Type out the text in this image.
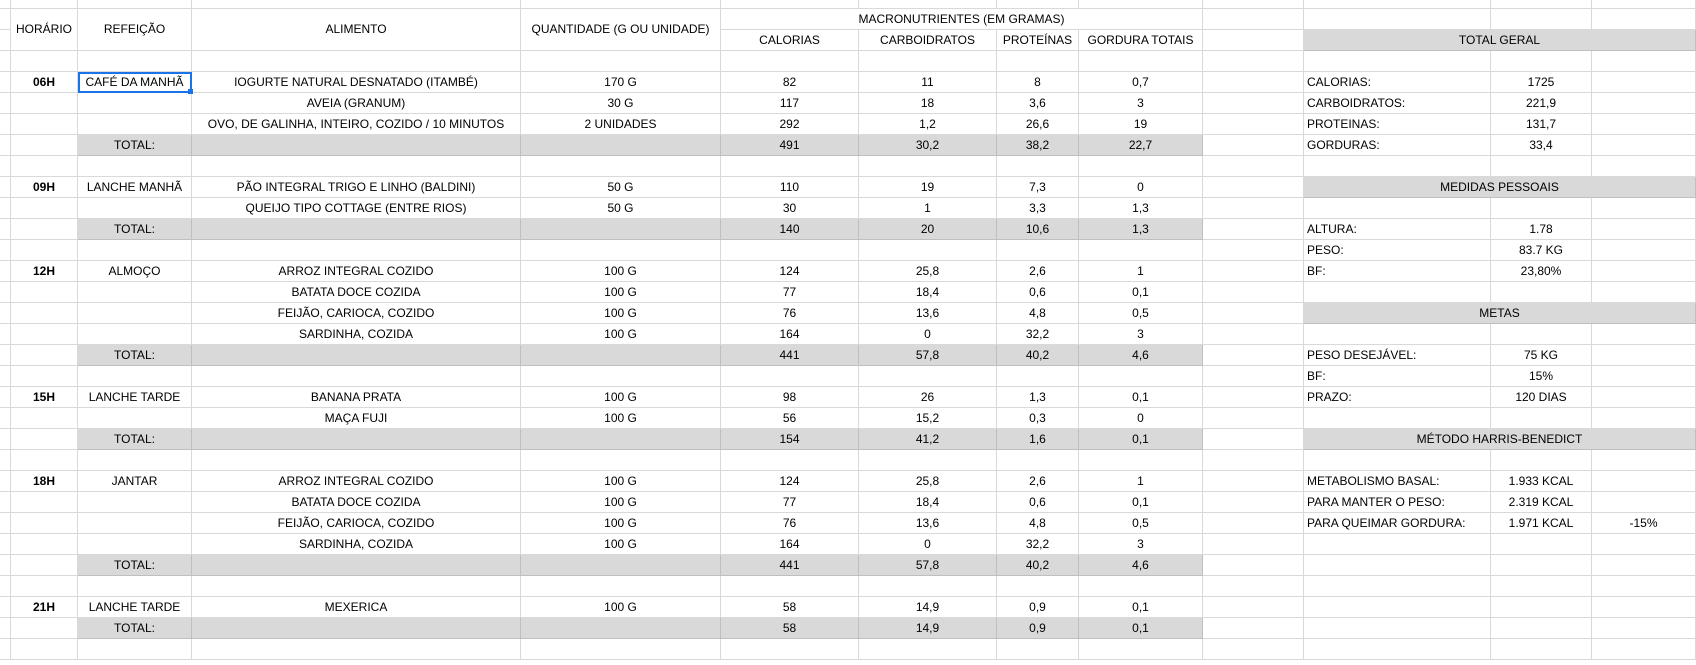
HORÁRIO	REFEIÇÃO	ALIMENTO	QUANTIDADE (G OU UNIDADE)
MACRONUTRIENTES (EM GRAMAS)
CALORIAS	CARBOIDRATOS	PROTEÍNAS	GORDURA TOTAIS
06H	CAFÉ DA MANHÃ	IOGURTE NATURAL DESNATADO (ITAMBÉ)	170 G	82	11	8	0,7
AVEIA (GRANUM)	30 G	117	18	3,6	3
OVO, DE GALINHA, INTEIRO, COZIDO / 10 MINUTOS	2 UNIDADES	292	1,2	26,6	19
TOTAL:	491	30,2	38,2	22,7
09H	LANCHE MANHÃ	PÃO INTEGRAL TRIGO E LINHO (BALDINI)	50 G	110	19	7,3	0
QUEIJO TIPO COTTAGE (ENTRE RIOS)	50 G	30	1	3,3	1,3
TOTAL:	140	20	10,6	1,3
12H	ALMOÇO	ARROZ INTEGRAL COZIDO	100 G	124	25,8	2,6	1
BATATA DOCE COZIDA	100 G	77	18,4	0,6	0,1
FEIJÃO, CARIOCA, COZIDO	100 G	76	13,6	4,8	0,5
SARDINHA, COZIDA	100 G	164	0	32,2	3
TOTAL:	441	57,8	40,2	4,6
15H	LANCHE TARDE	BANANA PRATA	100 G	98	26	1,3	0,1
MAÇA FUJI	100 G	56	15,2	0,3	0
TOTAL:	154	41,2	1,6	0,1
18H	JANTAR	ARROZ INTEGRAL COZIDO	100 G	124	25,8	2,6	1
BATATA DOCE COZIDA	100 G	77	18,4	0,6	0,1
FEIJÃO, CARIOCA, COZIDO	100 G	76	13,6	4,8	0,5
SARDINHA, COZIDA	100 G	164	0	32,2	3
TOTAL:	441	57,8	40,2	4,6
21H	LANCHE TARDE	MEXERICA	100 G	58	14,9	0,9	0,1
TOTAL:	58	14,9	0,9	0,1
TOTAL GERAL
CALORIAS:	1725
CARBOIDRATOS:	221,9
PROTEINAS:	131,7
GORDURAS:	33,4
MEDIDAS PESSOAIS
ALTURA:	1.78
PESO:	83.7 KG
BF:	23,80%
METAS
PESO DESEJÁVEL:	75 KG
BF:	15%
PRAZO:	120 DIAS
MÉTODO HARRIS-BENEDICT
METABOLISMO BASAL:	1.933 KCAL
PARA MANTER O PESO:	2.319 KCAL
PARA QUEIMAR GORDURA:	1.971 KCAL	-15%
